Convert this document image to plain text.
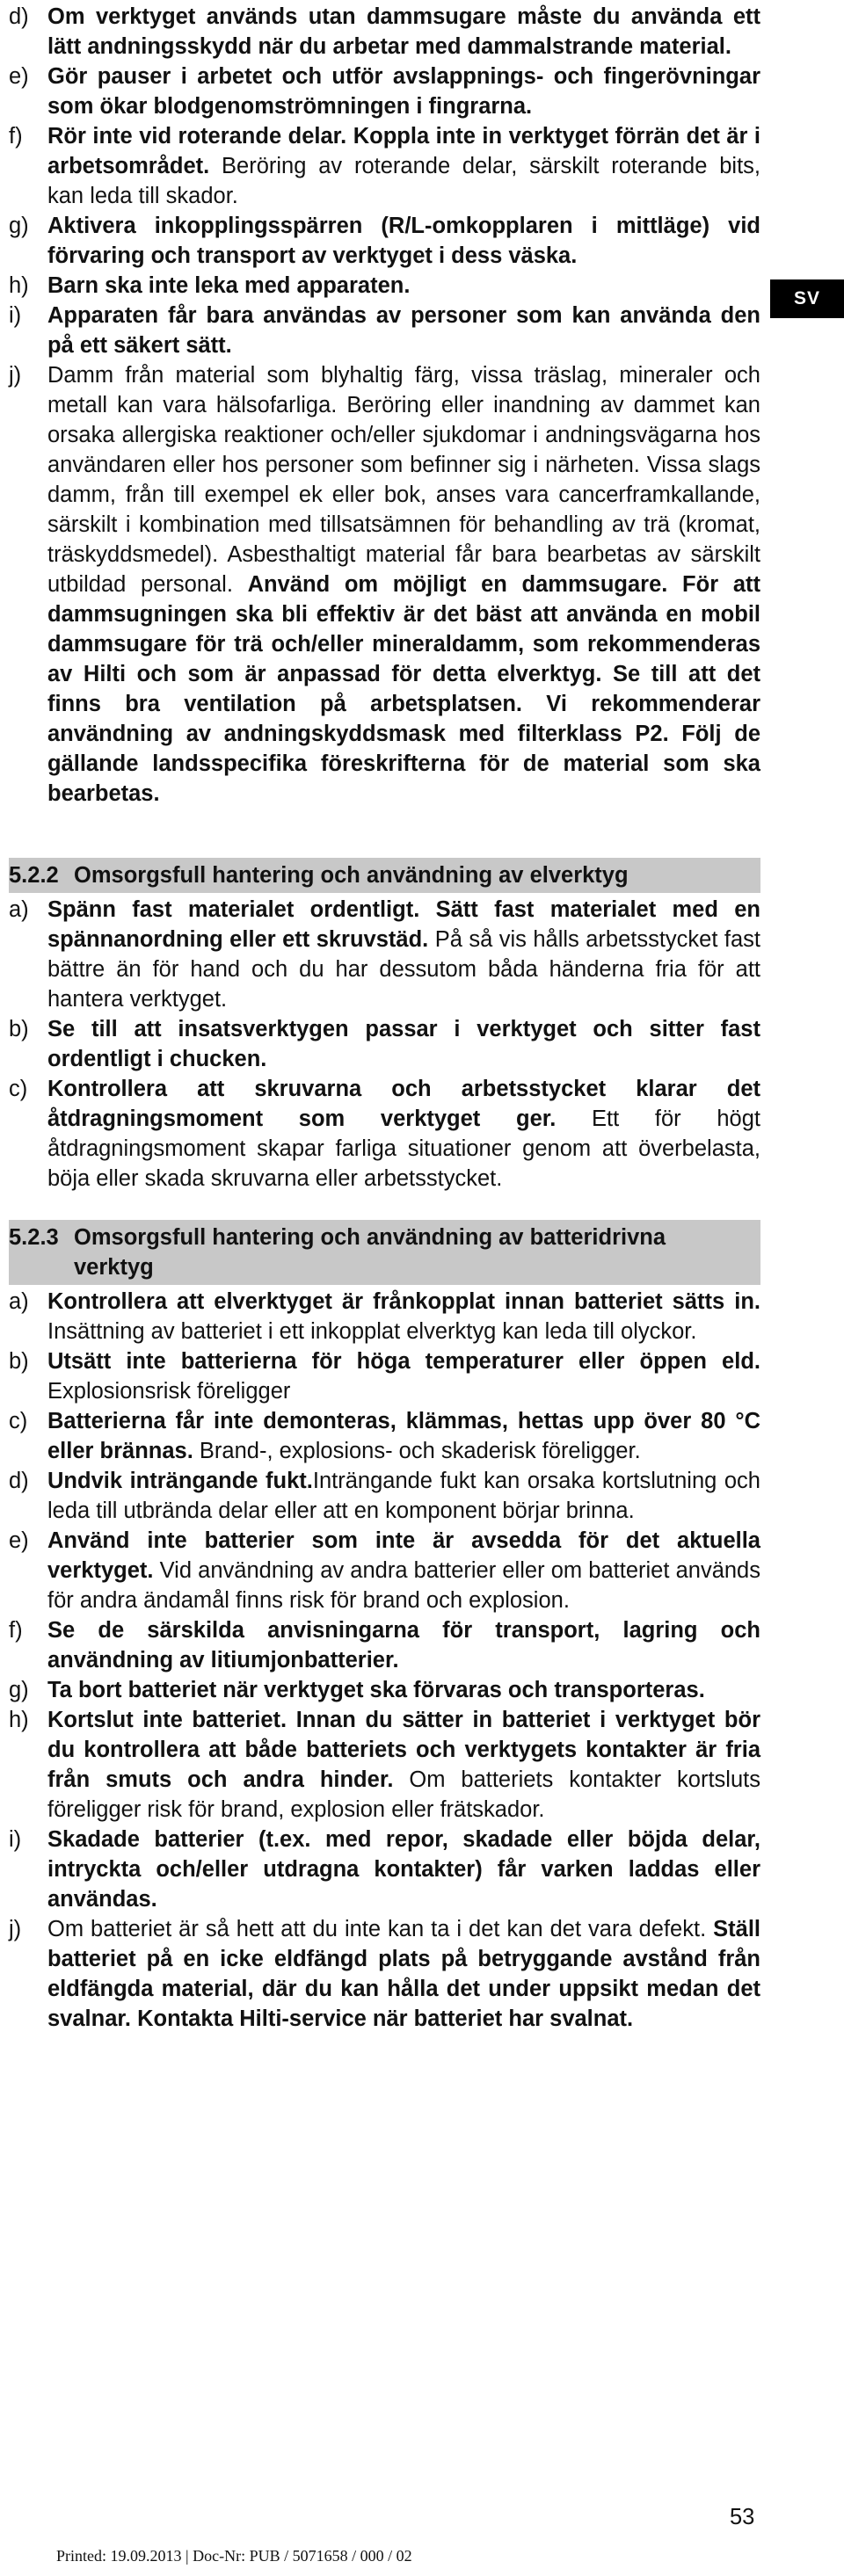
SV
d) Om verktyget används utan dammsugare måste du använda ett lätt andningsskydd när du arbetar med dammalstrande material.
e) Gör pauser i arbetet och utför avslappnings- och fingerövningar som ökar blodgenomströmningen i fingrarna.
f)	Rör inte vid roterande delar. Koppla inte in verktyget förrän det är i arbetsområdet. Beröring av roterande delar, särskilt roterande bits, kan leda till skador.
g) Aktivera inkopplingsspärren (R/L-omkopplaren i mittläge) vid förvaring och transport av verktyget i dess väska.
h) Barn ska inte leka med apparaten.
i)	Apparaten får bara användas av personer som kan använda den på ett säkert sätt.
j)	Damm från material som blyhaltig färg, vissa träslag, mineraler och metall kan vara hälsofarliga. Beröring eller inandning av dammet kan orsaka allergiska reaktioner och/eller sjukdomar i andningsvägarna hos användaren eller hos personer som befinner sig i närheten. Vissa slags damm, från till exempel ek eller bok, anses vara cancerframkallande, särskilt i kombination med tillsatsämnen för behandling av trä (kromat, träskyddsmedel). Asbesthaltigt material får bara bearbetas av särskilt utbildad personal. Använd om möjligt en dammsugare. För att dammsugningen ska bli effektiv är det bäst att använda en mobil dammsugare för trä och/eller mineraldamm, som rekommenderas av Hilti och som är anpassad för detta elverktyg. Se till att det finns bra ventilation på arbetsplatsen. Vi rekommenderar användning av andningskyddsmask med filterklass P2. Följ de gällande landsspecifika föreskrifterna för de material som ska bearbetas.
5.2.2 Omsorgsfull hantering och användning av elverktyg
a) Spänn fast materialet ordentligt. Sätt fast materialet med en spännanordning eller ett skruvstäd. På så vis hålls arbetsstycket fast bättre än för hand och du har dessutom båda händerna fria för att hantera verktyget.
b) Se till att insatsverktygen passar i verktyget och sitter fast ordentligt i chucken.
c) Kontrollera att skruvarna och arbetsstycket klarar det åtdragningsmoment som verktyget ger. Ett för högt åtdragningsmoment skapar farliga situationer genom att överbelasta, böja eller skada skruvarna eller arbetsstycket.
5.2.3 Omsorgsfull hantering och användning av batteridrivna verktyg
a) Kontrollera att elverktyget är frånkopplat innan batteriet sätts in. Insättning av batteriet i ett inkopplat elverktyg kan leda till olyckor.
b) Utsätt inte batterierna för höga temperaturer eller öppen eld. Explosionsrisk föreligger
c) Batterierna får inte demonteras, klämmas, hettas upp över 80 °C eller brännas. Brand-, explosions- och skaderisk föreligger.
d) Undvik inträngande fukt.Inträngande fukt kan orsaka kortslutning och leda till utbrända delar eller att en komponent börjar brinna.
e) Använd inte batterier som inte är avsedda för det aktuella verktyget. Vid användning av andra batterier eller om batteriet används för andra ändamål finns risk för brand och explosion.
f)	Se de särskilda anvisningarna för transport, lagring och användning av litiumjonbatterier.
g) Ta bort batteriet när verktyget ska förvaras och transporteras.
h) Kortslut inte batteriet. Innan du sätter in batteriet i verktyget bör du kontrollera att både batteriets och verktygets kontakter är fria från smuts och andra hinder. Om batteriets kontakter kortsluts föreligger risk för brand, explosion eller frätskador.
i)	Skadade batterier (t.ex. med repor, skadade eller böjda delar, intryckta och/eller utdragna kontakter) får varken laddas eller användas.
j)	Om batteriet är så hett att du inte kan ta i det kan det vara defekt. Ställ batteriet på en icke eldfängd plats på betryggande avstånd från eldfängda material, där du kan hålla det under uppsikt medan det svalnar. Kontakta Hilti-service när batteriet har svalnat.
53
Printed: 19.09.2013 | Doc-Nr: PUB / 5071658 / 000 / 02
